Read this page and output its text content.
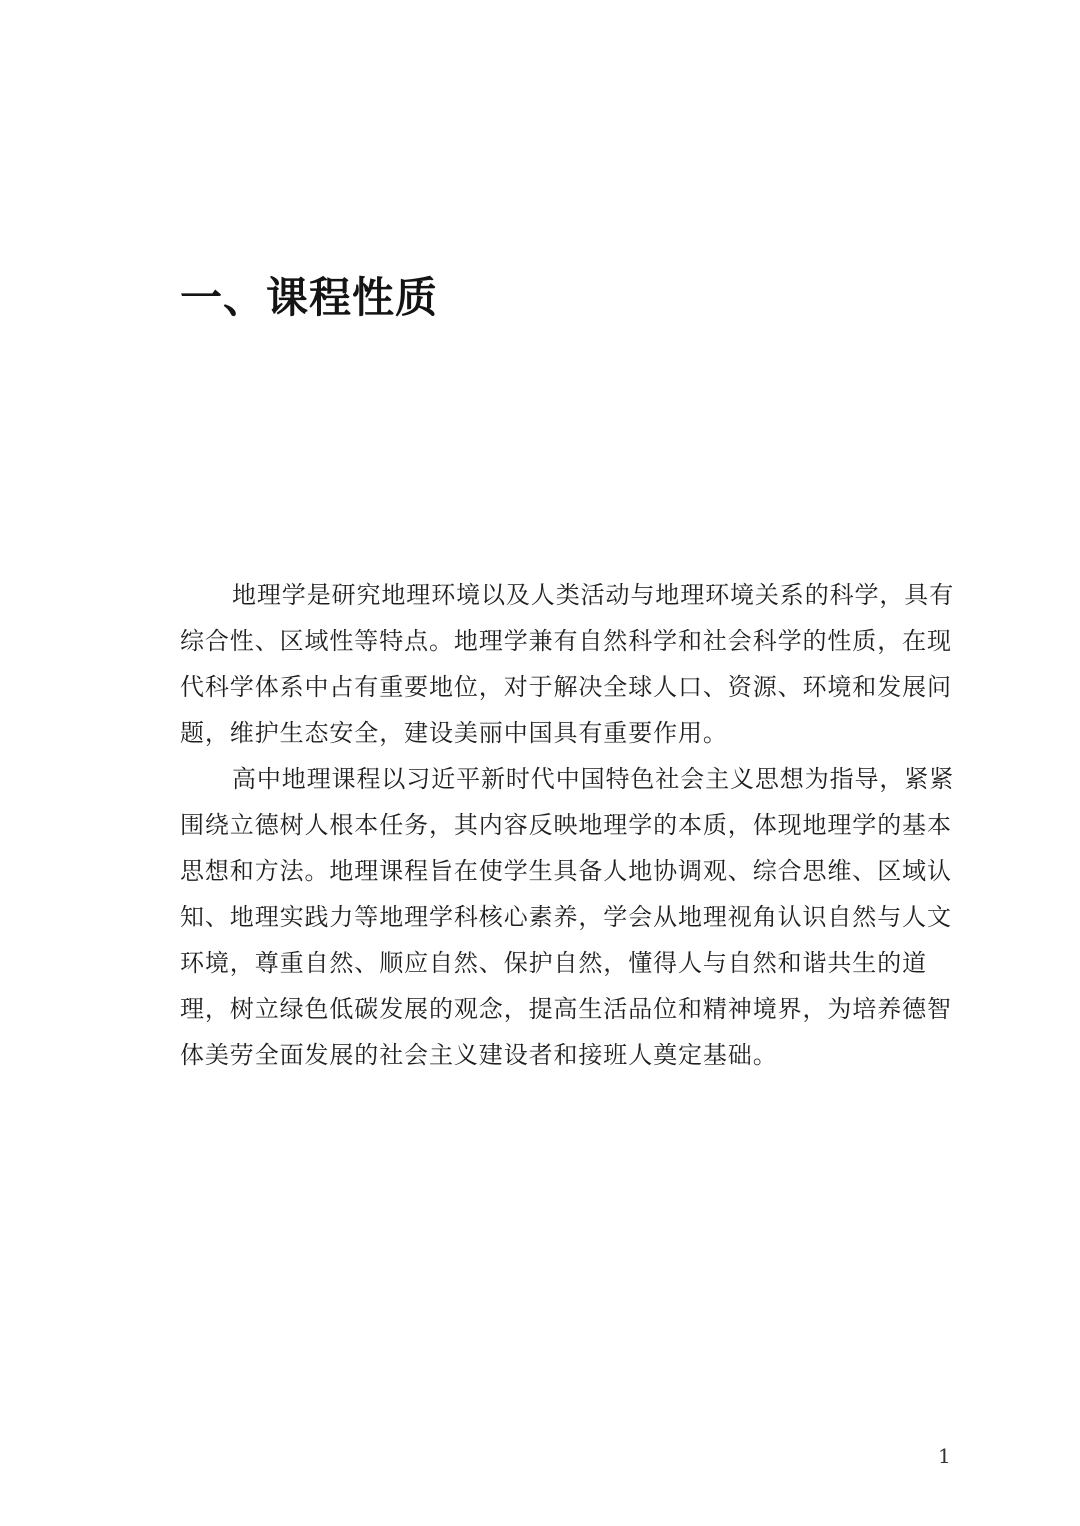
一、课程性质
地理学是研究地理环境以及人类活动与地理环境关系的科学，具有
综合性、区域性等特点。地理学兼有自然科学和社会科学的性质，在现
代科学体系中占有重要地位，对于解决全球人口、资源、环境和发展问
题，维护生态安全，建设美丽中国具有重要作用。
高中地理课程以习近平新时代中国特色社会主义思想为指导，紧紧
围绕立德树人根本任务，其内容反映地理学的本质，体现地理学的基本
思想和方法。地理课程旨在使学生具备人地协调观、综合思维、区域认
知、地理实践力等地理学科核心素养，学会从地理视角认识自然与人文
环境，尊重自然、顺应自然、保护自然，懂得人与自然和谐共生的道
理，树立绿色低碳发展的观念，提高生活品位和精神境界，为培养德智
体美劳全面发展的社会主义建设者和接班人奠定基础。
1
